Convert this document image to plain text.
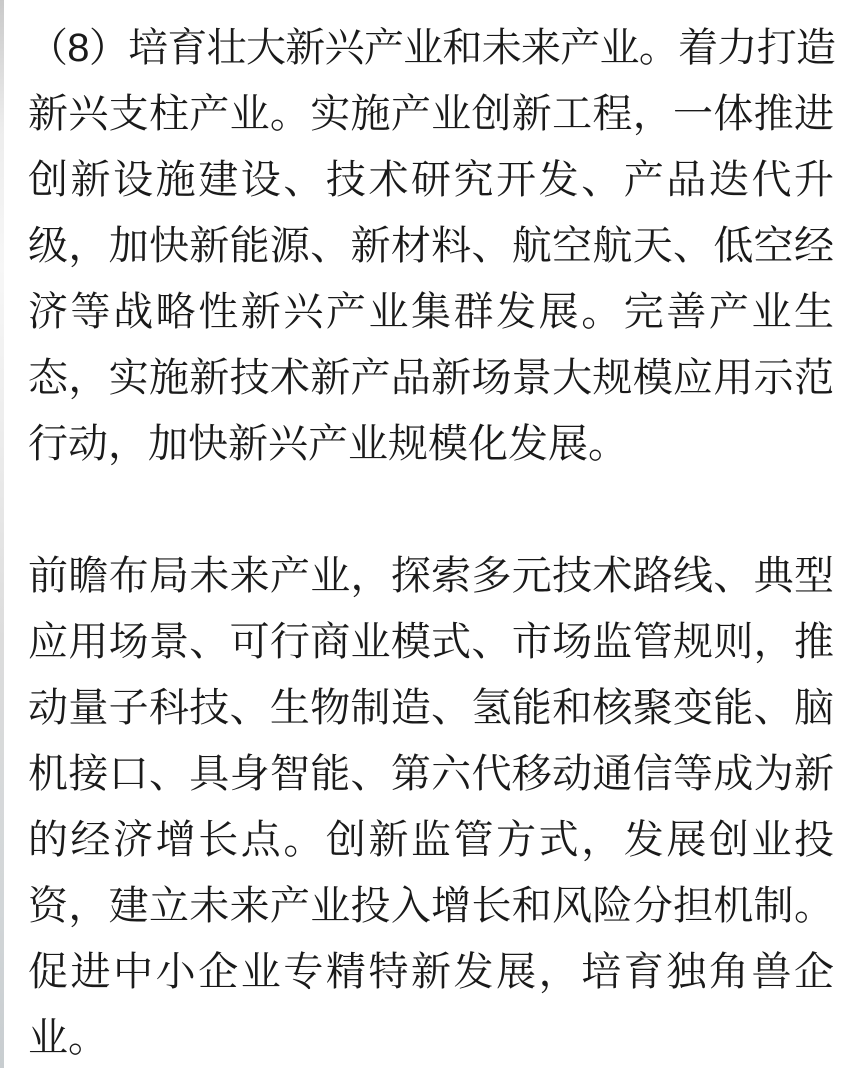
（8）培育壮大新兴产业和未来产业。着力打造
新兴支柱产业。实施产业创新工程，一体推进
创新设施建设、技术研究开发、产品迭代升
级，加快新能源、新材料、航空航天、低空经
济等战略性新兴产业集群发展。完善产业生
态，实施新技术新产品新场景大规模应用示范
行动，加快新兴产业规模化发展。
前瞻布局未来产业，探索多元技术路线、典型
应用场景、可行商业模式、市场监管规则，推
动量子科技、生物制造、氢能和核聚变能、脑
机接口、具身智能、第六代移动通信等成为新
的经济增长点。创新监管方式，发展创业投
资，建立未来产业投入增长和风险分担机制。
促进中小企业专精特新发展，培育独角兽企
业。
